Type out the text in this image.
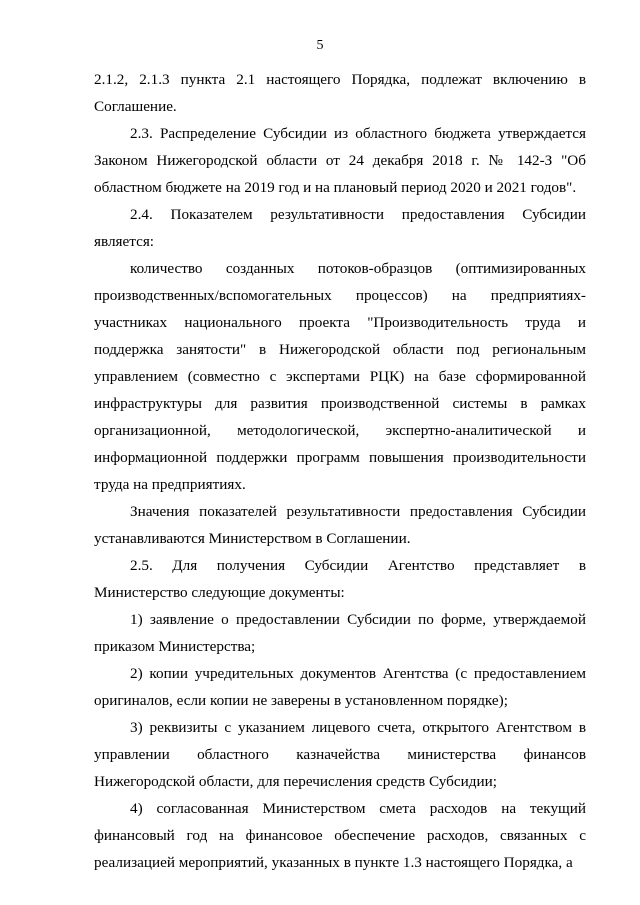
5

2.1.2, 2.1.3 пункта 2.1 настоящего Порядка, подлежат включению в Соглашение.

2.3. Распределение Субсидии из областного бюджета утверждается Законом Нижегородской области от 24 декабря 2018 г. № 142-З "Об областном бюджете на 2019 год и на плановый период 2020 и 2021 годов".

2.4. Показателем результативности предоставления Субсидии является:

количество созданных потоков-образцов (оптимизированных производственных/вспомогательных процессов) на предприятиях-участниках национального проекта "Производительность труда и поддержка занятости" в Нижегородской области под региональным управлением (совместно с экспертами РЦК) на базе сформированной инфраструктуры для развития производственной системы в рамках организационной, методологической, экспертно-аналитической и информационной поддержки программ повышения производительности труда на предприятиях.

Значения показателей результативности предоставления Субсидии устанавливаются Министерством в Соглашении.

2.5. Для получения Субсидии Агентство представляет в Министерство следующие документы:

1) заявление о предоставлении Субсидии по форме, утверждаемой приказом Министерства;

2) копии учредительных документов Агентства (с предоставлением оригиналов, если копии не заверены в установленном порядке);

3) реквизиты с указанием лицевого счета, открытого Агентством в управлении областного казначейства министерства финансов Нижегородской области, для перечисления средств Субсидии;

4) согласованная Министерством смета расходов на текущий финансовый год на финансовое обеспечение расходов, связанных с реализацией мероприятий, указанных в пункте 1.3 настоящего Порядка, а
